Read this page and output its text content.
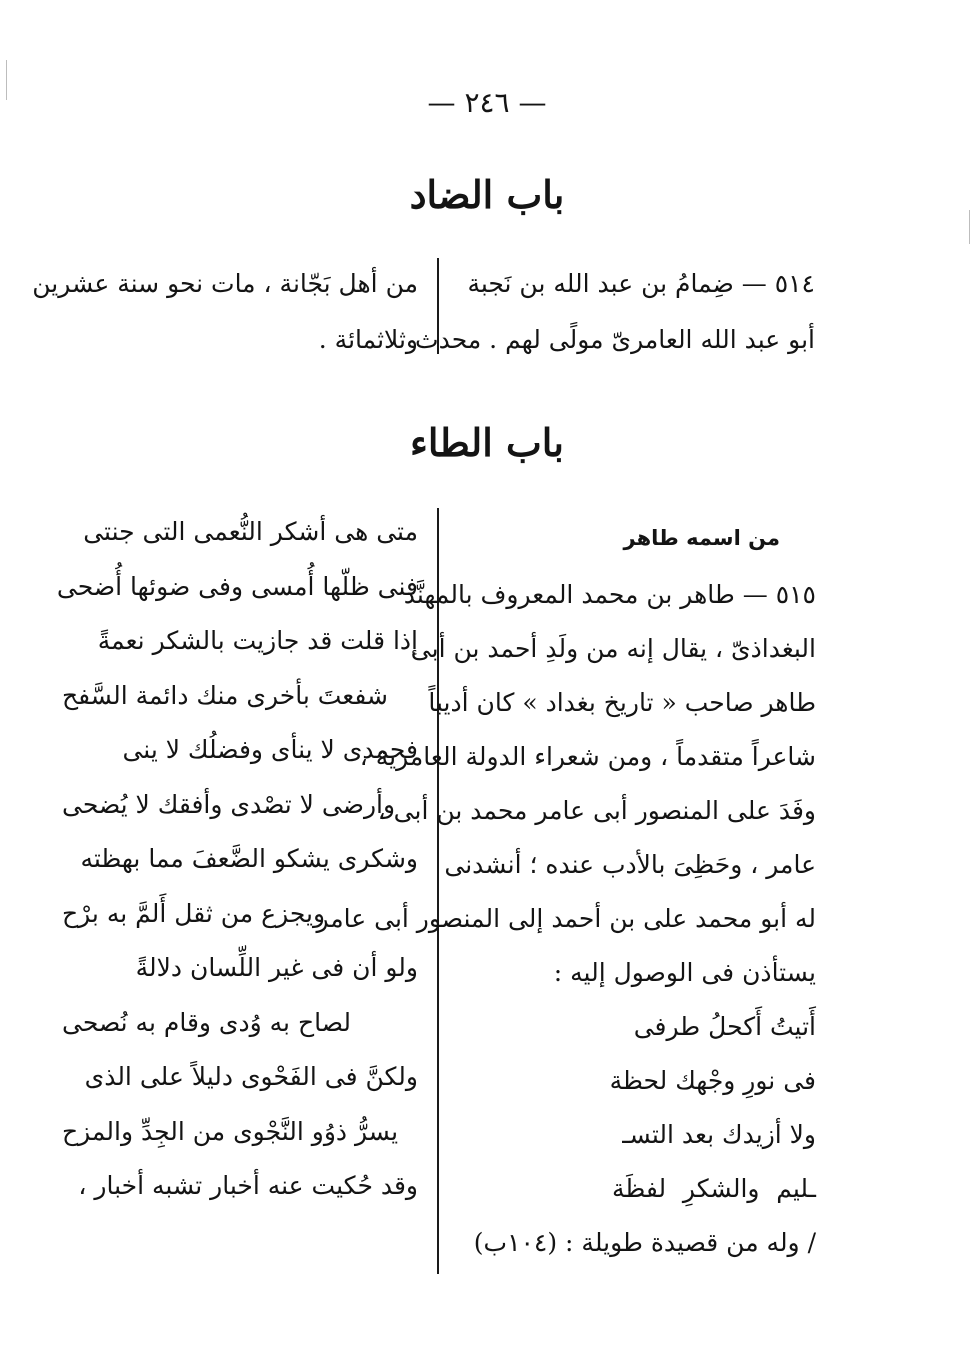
— ٢٤٦ —
باب الضاد
٥١٤ — ضِمامُ بن عبد الله بن نَجبة
أبو عبد الله العامرىّ مولًى لهم . محدث
من أهل بَجّانة ، مات نحو سنة عشرين
وثلاثمائة .
باب الطاء
من اسمه طاهر
٥١٥ — طاهر بن محمد المعروف بالمهنَّد
البغداذىّ ، يقال إنه من ولَدِ أحمد بن أبى
طاهر صاحب « تاريخ بغداد » كان أديباً
شاعراً متقدماً ، ومن شعراء الدولة العامرية ،
وفَدَ على المنصور أبى عامر محمد بن أبى ،
عامر ، وحَظِىَ بالأدب عنده ؛ أنشدنى
له أبو محمد على بن أحمد إلى المنصور أبى عامر
يستأذن فى الوصول إليه :
أَتيتُ أَكحلُ طرفى
فى نورِ وجْهك لحظة
ولا أزيدك بعد التسـ
ـليم والشكرِ لفظَة
/ وله من قصيدة طويلة : (١٠٤ب)
متى هى أشكر النُّعمى التى جنتى
فنى ظلّها أُمسى وفى ضوئها أُضحى
إذا قلت قد جازيت بالشكر نعمةً
شفعتَ بأخرى منك دائمة السَّفح
فحمدى لا ينأى وفضلُك لا ينى
وأرضى لا تصْدى وأفقك لا يُضحى
وشكرى يشكو الضَّعفَ مما بهظته
ويجزع من ثقل أَلمَّ به برْح
ولو أن فى غير اللِّسان دلالةً
لصاح به وُدى وقام به نُصحى
ولكنَّ فى الفَحْوى دليلاً على الذى
يسرُّ ذوُو النَّجْوى من الجِدِّ والمزح
وقد حُكيت عنه أخبار تشبه أخبار ،
